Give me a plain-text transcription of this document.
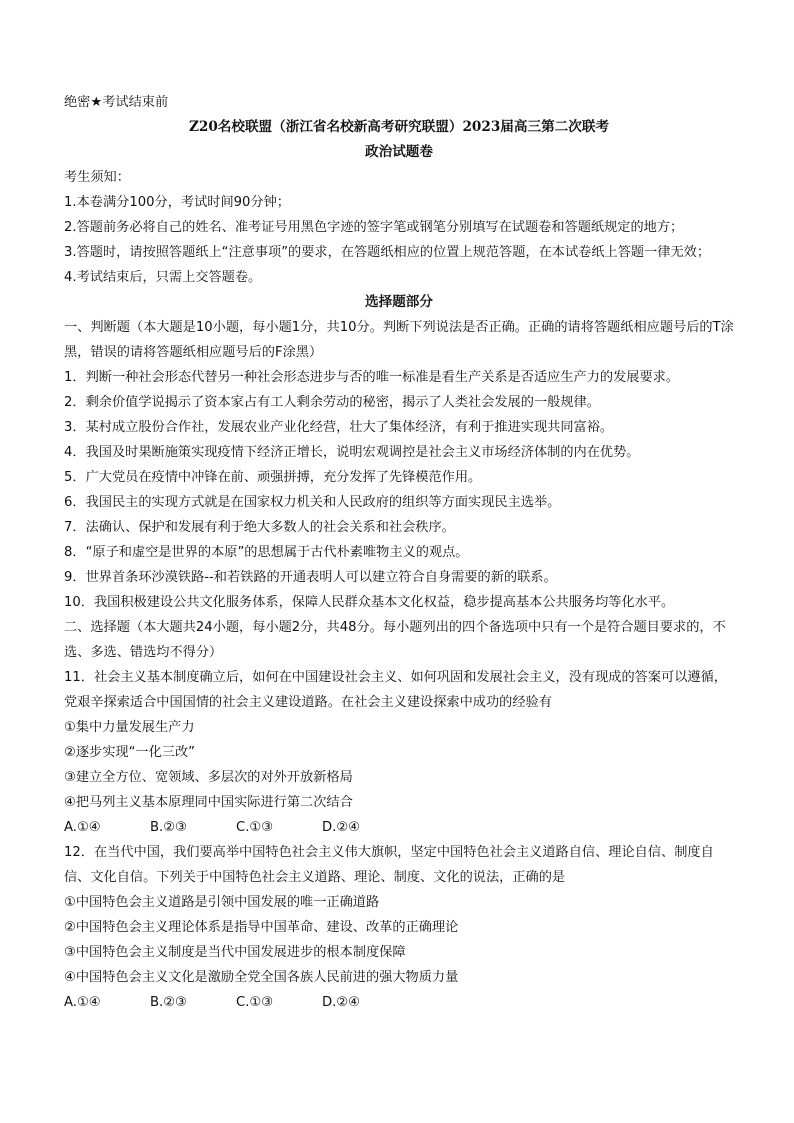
绝密★考试结束前
Z20名校联盟（浙江省名校新高考研究联盟）2023届高三第二次联考
政治试题卷
考生须知：
1.本卷满分100分，考试时间90分钟；
2.答题前务必将自己的姓名、准考证号用黑色字迹的签字笔或钢笔分别填写在试题卷和答题纸规定的地方；
3.答题时，请按照答题纸上“注意事项”的要求，在答题纸相应的位置上规范答题，在本试卷纸上答题一律无效；
4.考试结束后，只需上交答题卷。
选择题部分
一、判断题（本大题是10小题，每小题1分，共10分。判断下列说法是否正确。正确的请将答题纸相应题号后的T涂黑，错误的请将答题纸相应题号后的F涂黑）
1．判断一种社会形态代替另一种社会形态进步与否的唯一标准是看生产关系是否适应生产力的发展要求。
2．剩余价值学说揭示了资本家占有工人剩余劳动的秘密，揭示了人类社会发展的一般规律。
3．某村成立股份合作社，发展农业产业化经营，壮大了集体经济，有利于推进实现共同富裕。
4．我国及时果断施策实现疫情下经济正增长，说明宏观调控是社会主义市场经济体制的内在优势。
5．广大党员在疫情中冲锋在前、顽强拼搏，充分发挥了先锋模范作用。
6．我国民主的实现方式就是在国家权力机关和人民政府的组织等方面实现民主选举。
7．法确认、保护和发展有利于绝大多数人的社会关系和社会秩序。
8．“原子和虚空是世界的本原”的思想属于古代朴素唯物主义的观点。
9．世界首条环沙漠铁路--和若铁路的开通表明人可以建立符合自身需要的新的联系。
10．我国积极建设公共文化服务体系，保障人民群众基本文化权益，稳步提高基本公共服务均等化水平。
二、选择题（本大题共24小题，每小题2分，共48分。每小题列出的四个备选项中只有一个是符合题目要求的，不选、多选、错选均不得分）
11．社会主义基本制度确立后，如何在中国建设社会主义、如何巩固和发展社会主义，没有现成的答案可以遵循，党艰辛探索适合中国国情的社会主义建设道路。在社会主义建设探索中成功的经验有
①集中力量发展生产力
②逐步实现“一化三改”
③建立全方位、宽领域、多层次的对外开放新格局
④把马列主义基本原理同中国实际进行第二次结合
A.①④	B.②③	C.①③	D.②④
12．在当代中国，我们要高举中国特色社会主义伟大旗帜，坚定中国特色社会主义道路自信、理论自信、制度自信、文化自信。下列关于中国特色社会主义道路、理论、制度、文化的说法，正确的是
①中国特色会主义道路是引领中国发展的唯一正确道路
②中国特色会主义理论体系是指导中国革命、建设、改革的正确理论
③中国特色会主义制度是当代中国发展进步的根本制度保障
④中国特色会主义文化是激励全党全国各族人民前进的强大物质力量
A.①④	B.②③	C.①③	D.②④
